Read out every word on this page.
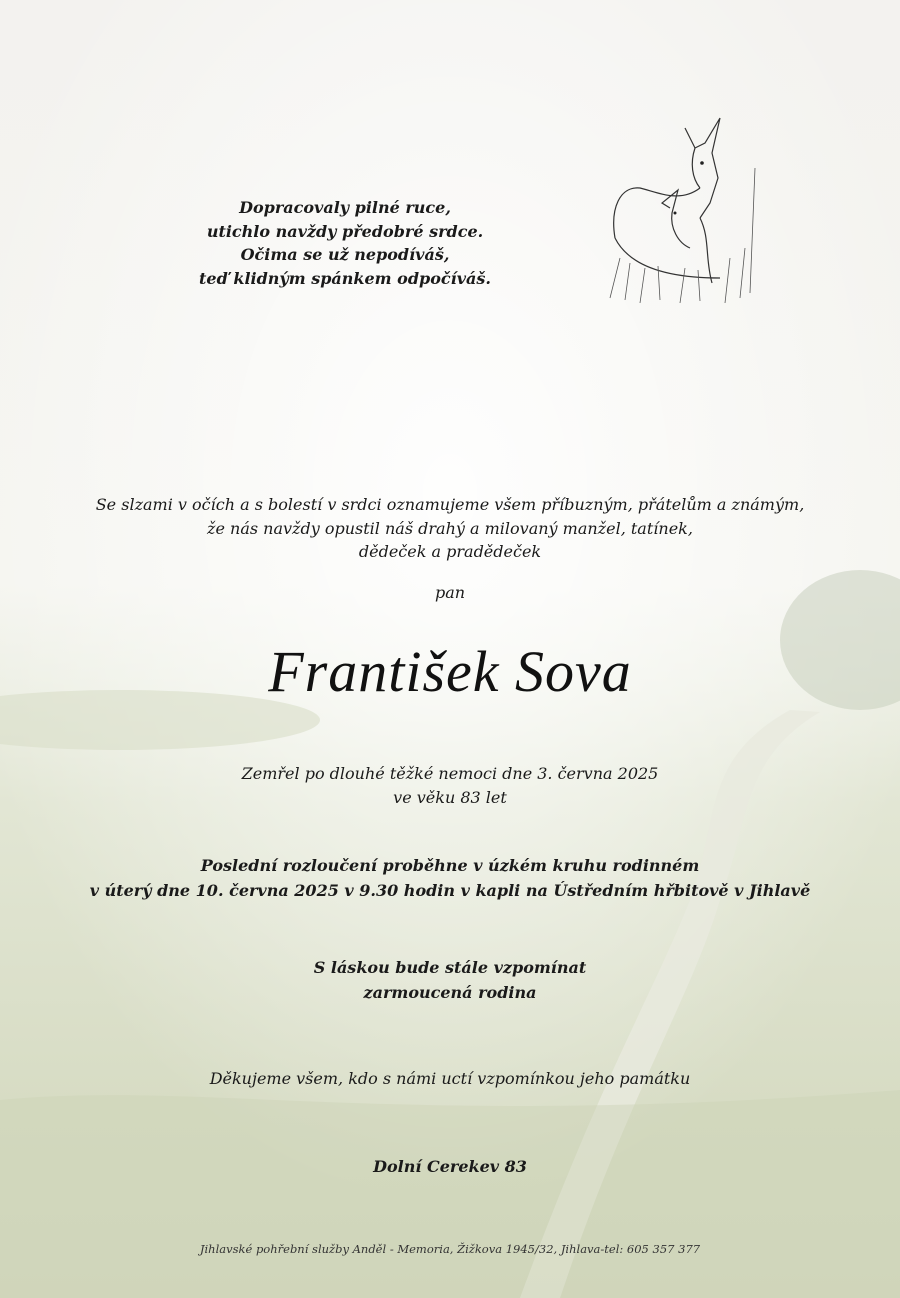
Dopracovaly pilné ruce,
utichlo navždy předobré srdce.
Očima se už nepodíváš,
teď klidným spánkem odpočíváš.
Se slzami v očích a s bolestí v srdci oznamujeme všem příbuzným, přátelům a známým,
že nás navždy opustil náš drahý a milovaný manžel, tatínek,
dědeček a pradědeček
pan
František Sova
Zemřel po dlouhé těžké nemoci dne 3. června 2025
ve věku 83 let
Poslední rozloučení proběhne v úzkém kruhu rodinném
v úterý dne 10. června 2025 v 9.30 hodin v kapli na Ústředním hřbitově v Jihlavě
S láskou bude stále vzpomínat
zarmoucená rodina
Děkujeme všem, kdo s námi uctí vzpomínkou jeho památku
Dolní Cerekev 83
Jihlavské pohřební služby Anděl - Memoria, Žižkova 1945/32, Jihlava-tel: 605 357 377
